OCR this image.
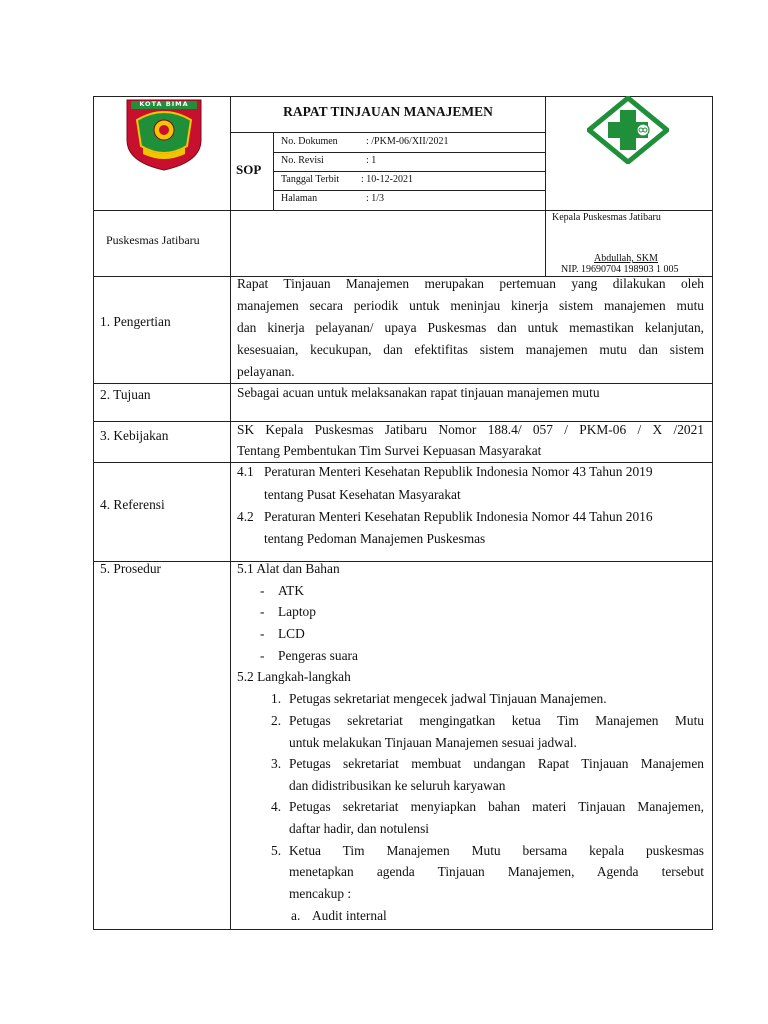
KOTA BIMA	RAPAT TINJAUAN MANAJEMEN
SOP
No. Dokumen	: /PKM-06/XII/2021
No. Revisi	: 1
Tanggal Terbit : 10-12-2021
Halaman	: 1/3
Puskesmas Jatibaru
Kepala Puskesmas Jatibaru
Abdullah, SKM
NIP. 19690704 198903 1 005
1. Pengertian
Rapat Tinjauan Manajemen merupakan pertemuan yang dilakukan oleh
manajemen secara periodik untuk meninjau kinerja sistem manajemen mutu
dan kinerja pelayanan/ upaya Puskesmas dan untuk memastikan kelanjutan,
kesesuaian, kecukupan, dan efektifitas sistem manajemen mutu dan sistem
pelayanan.
2. Tujuan	Sebagai acuan untuk melaksanakan rapat tinjauan manajemen mutu
3. Kebijakan	SK Kepala Puskesmas Jatibaru Nomor 188.4/ 057 / PKM-06 / X /2021
Tentang Pembentukan Tim Survei Kepuasan Masyarakat
4. Referensi
4.1 Peraturan Menteri Kesehatan Republik Indonesia Nomor 43 Tahun 2019
tentang Pusat Kesehatan Masyarakat
4.2 Peraturan Menteri Kesehatan Republik Indonesia Nomor 44 Tahun 2016
tentang Pedoman Manajemen Puskesmas
5. Prosedur	5.1 Alat dan Bahan
- ATK
- Laptop
- LCD
- Pengeras suara
5.2 Langkah-langkah
1. Petugas sekretariat mengecek jadwal Tinjauan Manajemen.
2. Petugas sekretariat mengingatkan ketua Tim Manajemen Mutu
untuk melakukan Tinjauan Manajemen sesuai jadwal.
3. Petugas sekretariat membuat undangan Rapat Tinjauan Manajemen
dan didistribusikan ke seluruh karyawan
4. Petugas sekretariat menyiapkan bahan materi Tinjauan Manajemen,
daftar hadir, dan notulensi
5. Ketua Tim Manajemen Mutu bersama kepala puskesmas
menetapkan agenda Tinjauan Manajemen, Agenda tersebut
mencakup :
a. Audit internal
